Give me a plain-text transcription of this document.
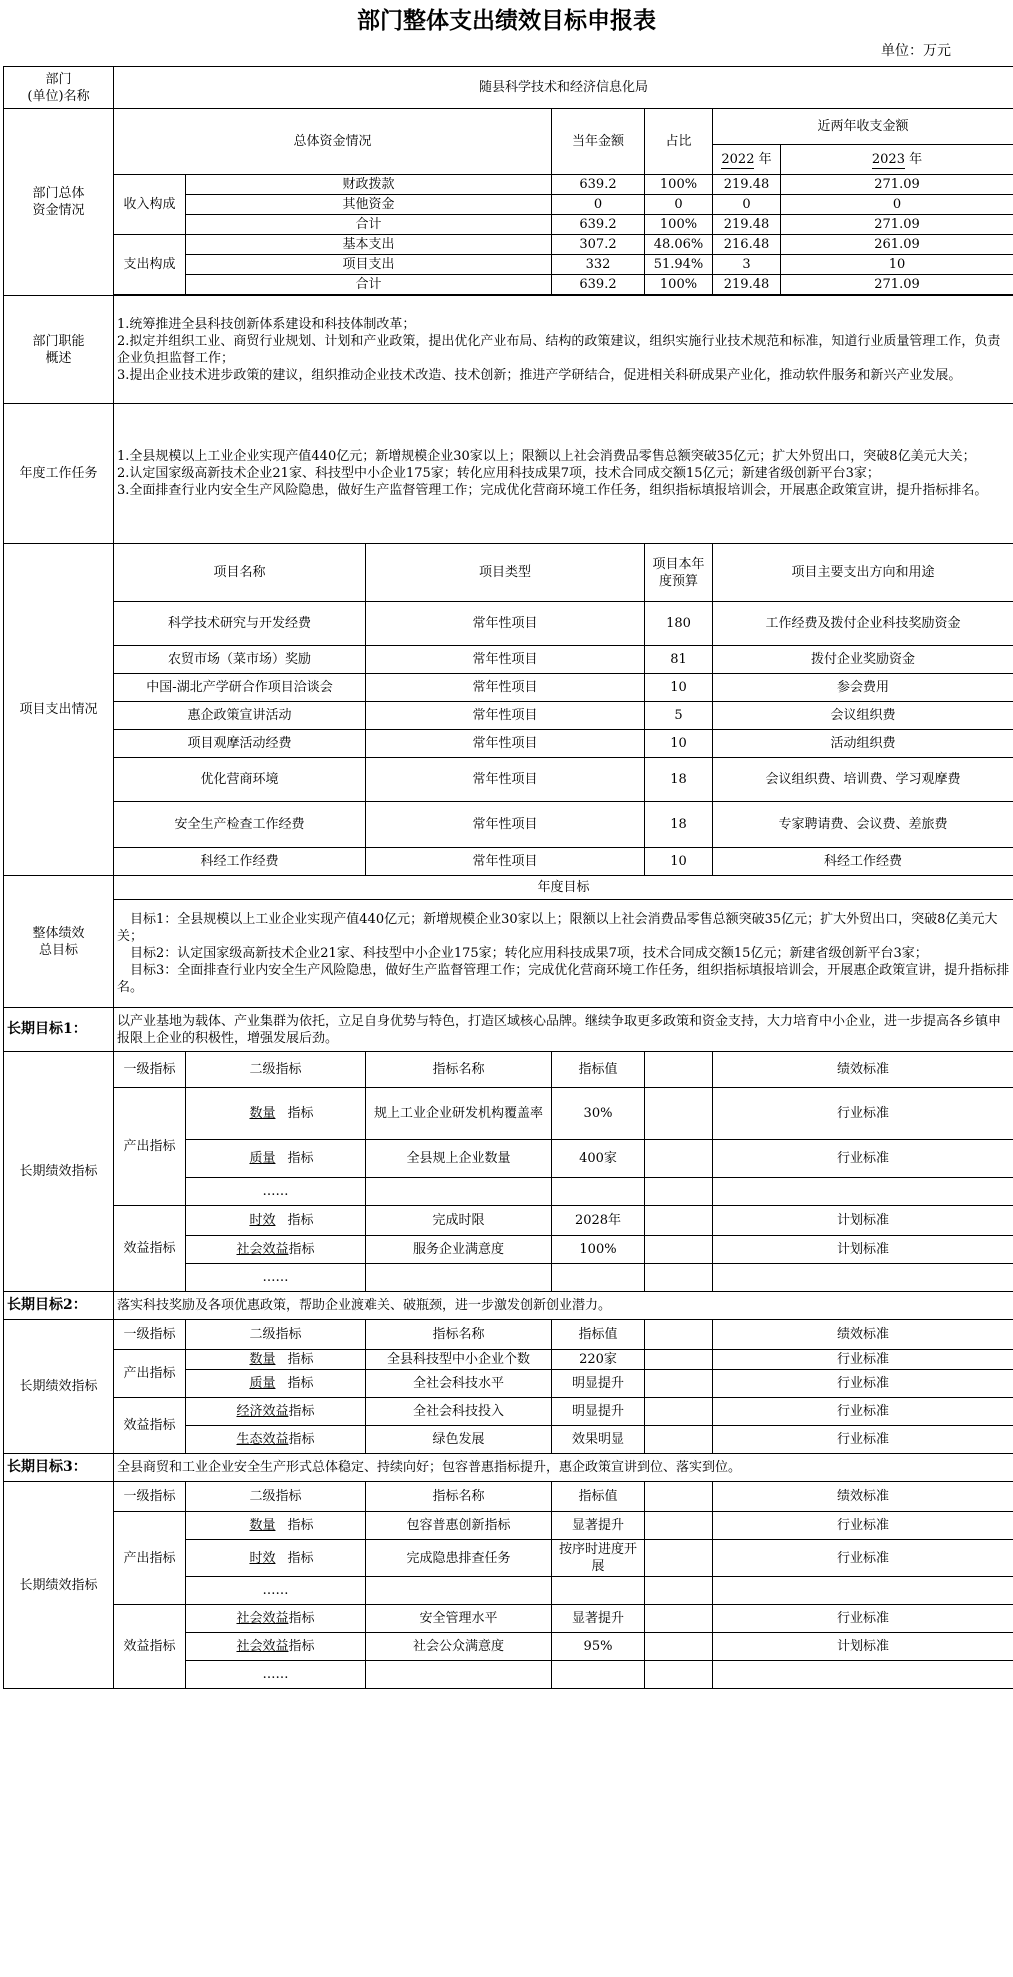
部门整体支出绩效目标申报表
单位：万元
部门
(单位)名称	随县科学技术和经济信息化局						
部门总体
资金情况	总体资金情况			当年金额	占比	近两年收支金额	
						2022 年	2023 年
	收入构成	财政拨款		639.2	100%	219.48	271.09
		其他资金		0	0	0	0
		合计		639.2	100%	219.48	271.09
	支出构成	基本支出		307.2	48.06%	216.48	261.09
		项目支出		332	51.94%	3	10
		合计		639.2	100%	219.48	271.09

部门职能
概述	1.统筹推进全县科技创新体系建设和科技体制改革；
2.拟定并组织工业、商贸行业规划、计划和产业政策，提出优化产业布局、结构的政策建议，组织实施行业技术规范和标准，知道行业质量管理工作，负责企业负担监督工作；
3.提出企业技术进步政策的建议，组织推动企业技术改造、技术创新；推进产学研结合，促进相关科研成果产业化，推动软件服务和新兴产业发展。						
年度工作任务	1.全县规模以上工业企业实现产值440亿元；新增规模企业30家以上；限额以上社会消费品零售总额突破35亿元；扩大外贸出口，突破8亿美元大关；
2.认定国家级高新技术企业21家、科技型中小企业175家；转化应用科技成果7项，技术合同成交额15亿元；新建省级创新平台3家；
3.全面排查行业内安全生产风险隐患，做好生产监督管理工作；完成优化营商环境工作任务，组织指标填报培训会，开展惠企政策宣讲，提升指标排名。						
项目支出情况	项目名称		项目类型		项目本年度预算	项目主要支出方向和用途	
	科学技术研究与开发经费		常年性项目		180	工作经费及拨付企业科技奖励资金	
	农贸市场（菜市场）奖励		常年性项目		81	拨付企业奖励资金	
	中国-湖北产学研合作项目洽谈会		常年性项目		10	参会费用	
	惠企政策宣讲活动		常年性项目		5	会议组织费	
	项目观摩活动经费		常年性项目		10	活动组织费	
	优化营商环境		常年性项目		18	会议组织费、培训费、学习观摩费	
	安全生产检查工作经费		常年性项目		18	专家聘请费、会议费、差旅费	
	科经工作经费		常年性项目		10	科经工作经费	
整体绩效
总目标	年度目标						
	　目标1：全县规模以上工业企业实现产值440亿元；新增规模企业30家以上；限额以上社会消费品零售总额突破35亿元；扩大外贸出口，突破8亿美元大关；
　目标2：认定国家级高新技术企业21家、科技型中小企业175家；转化应用科技成果7项，技术合同成交额15亿元；新建省级创新平台3家；
　目标3：全面排查行业内安全生产风险隐患，做好生产监督管理工作；完成优化营商环境工作任务，组织指标填报培训会，开展惠企政策宣讲，提升指标排名。						
长期目标1：	以产业基地为载体、产业集群为依托，立足自身优势与特色，打造区域核心品牌。继续争取更多政策和资金支持，大力培育中小企业，进一步提高各乡镇申报限上企业的积极性，增强发展后劲。						
长期绩效指标	一级指标	二级指标	指标名称	指标值		绩效标准	
	产出指标	数量 指标	规上工业企业研发机构覆盖率	30%		行业标准	
		质量 指标	全县规上企业数量	400家		行业标准	
		……					
	效益指标	时效 指标	完成时限	2028年		计划标准	
		社会效益指标	服务企业满意度	100%		计划标准	
		……					
长期目标2：	落实科技奖励及各项优惠政策，帮助企业渡难关、破瓶颈，进一步激发创新创业潜力。						
长期绩效指标	一级指标	二级指标	指标名称	指标值		绩效标准	
	产出指标	数量 指标	全县科技型中小企业个数	220家		行业标准	
		质量 指标	全社会科技水平	明显提升		行业标准	
	效益指标	经济效益指标	全社会科技投入	明显提升		行业标准	
		生态效益指标	绿色发展	效果明显		行业标准	
长期目标3：	全县商贸和工业企业安全生产形式总体稳定、持续向好；包容普惠指标提升，惠企政策宣讲到位、落实到位。						
长期绩效指标	一级指标	二级指标	指标名称	指标值		绩效标准	
	产出指标	数量 指标	包容普惠创新指标	显著提升		行业标准	
		时效 指标	完成隐患排查任务	按序时进度开展		行业标准	
		……					
	效益指标	社会效益指标	安全管理水平	显著提升		行业标准	
		社会效益指标	社会公众满意度	95%		计划标准	
		……					
